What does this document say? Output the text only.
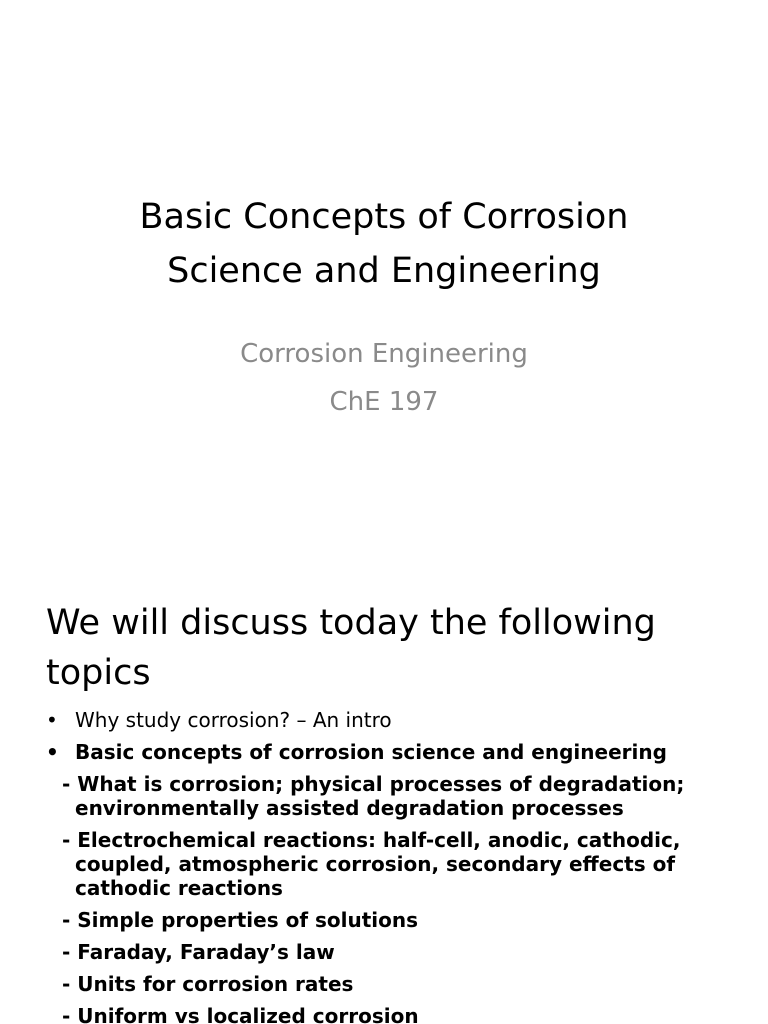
Basic Concepts of Corrosion
Science and Engineering
Corrosion Engineering
ChE 197
We will discuss today the following
topics
• Why study corrosion? – An intro
• Basic concepts of corrosion science and engineering
- What is corrosion; physical processes of degradation;
environmentally assisted degradation processes
- Electrochemical reactions: half-cell, anodic, cathodic,
coupled, atmospheric corrosion, secondary effects of
cathodic reactions
- Simple properties of solutions
- Faraday, Faraday’s law
- Units for corrosion rates
- Uniform vs localized corrosion
